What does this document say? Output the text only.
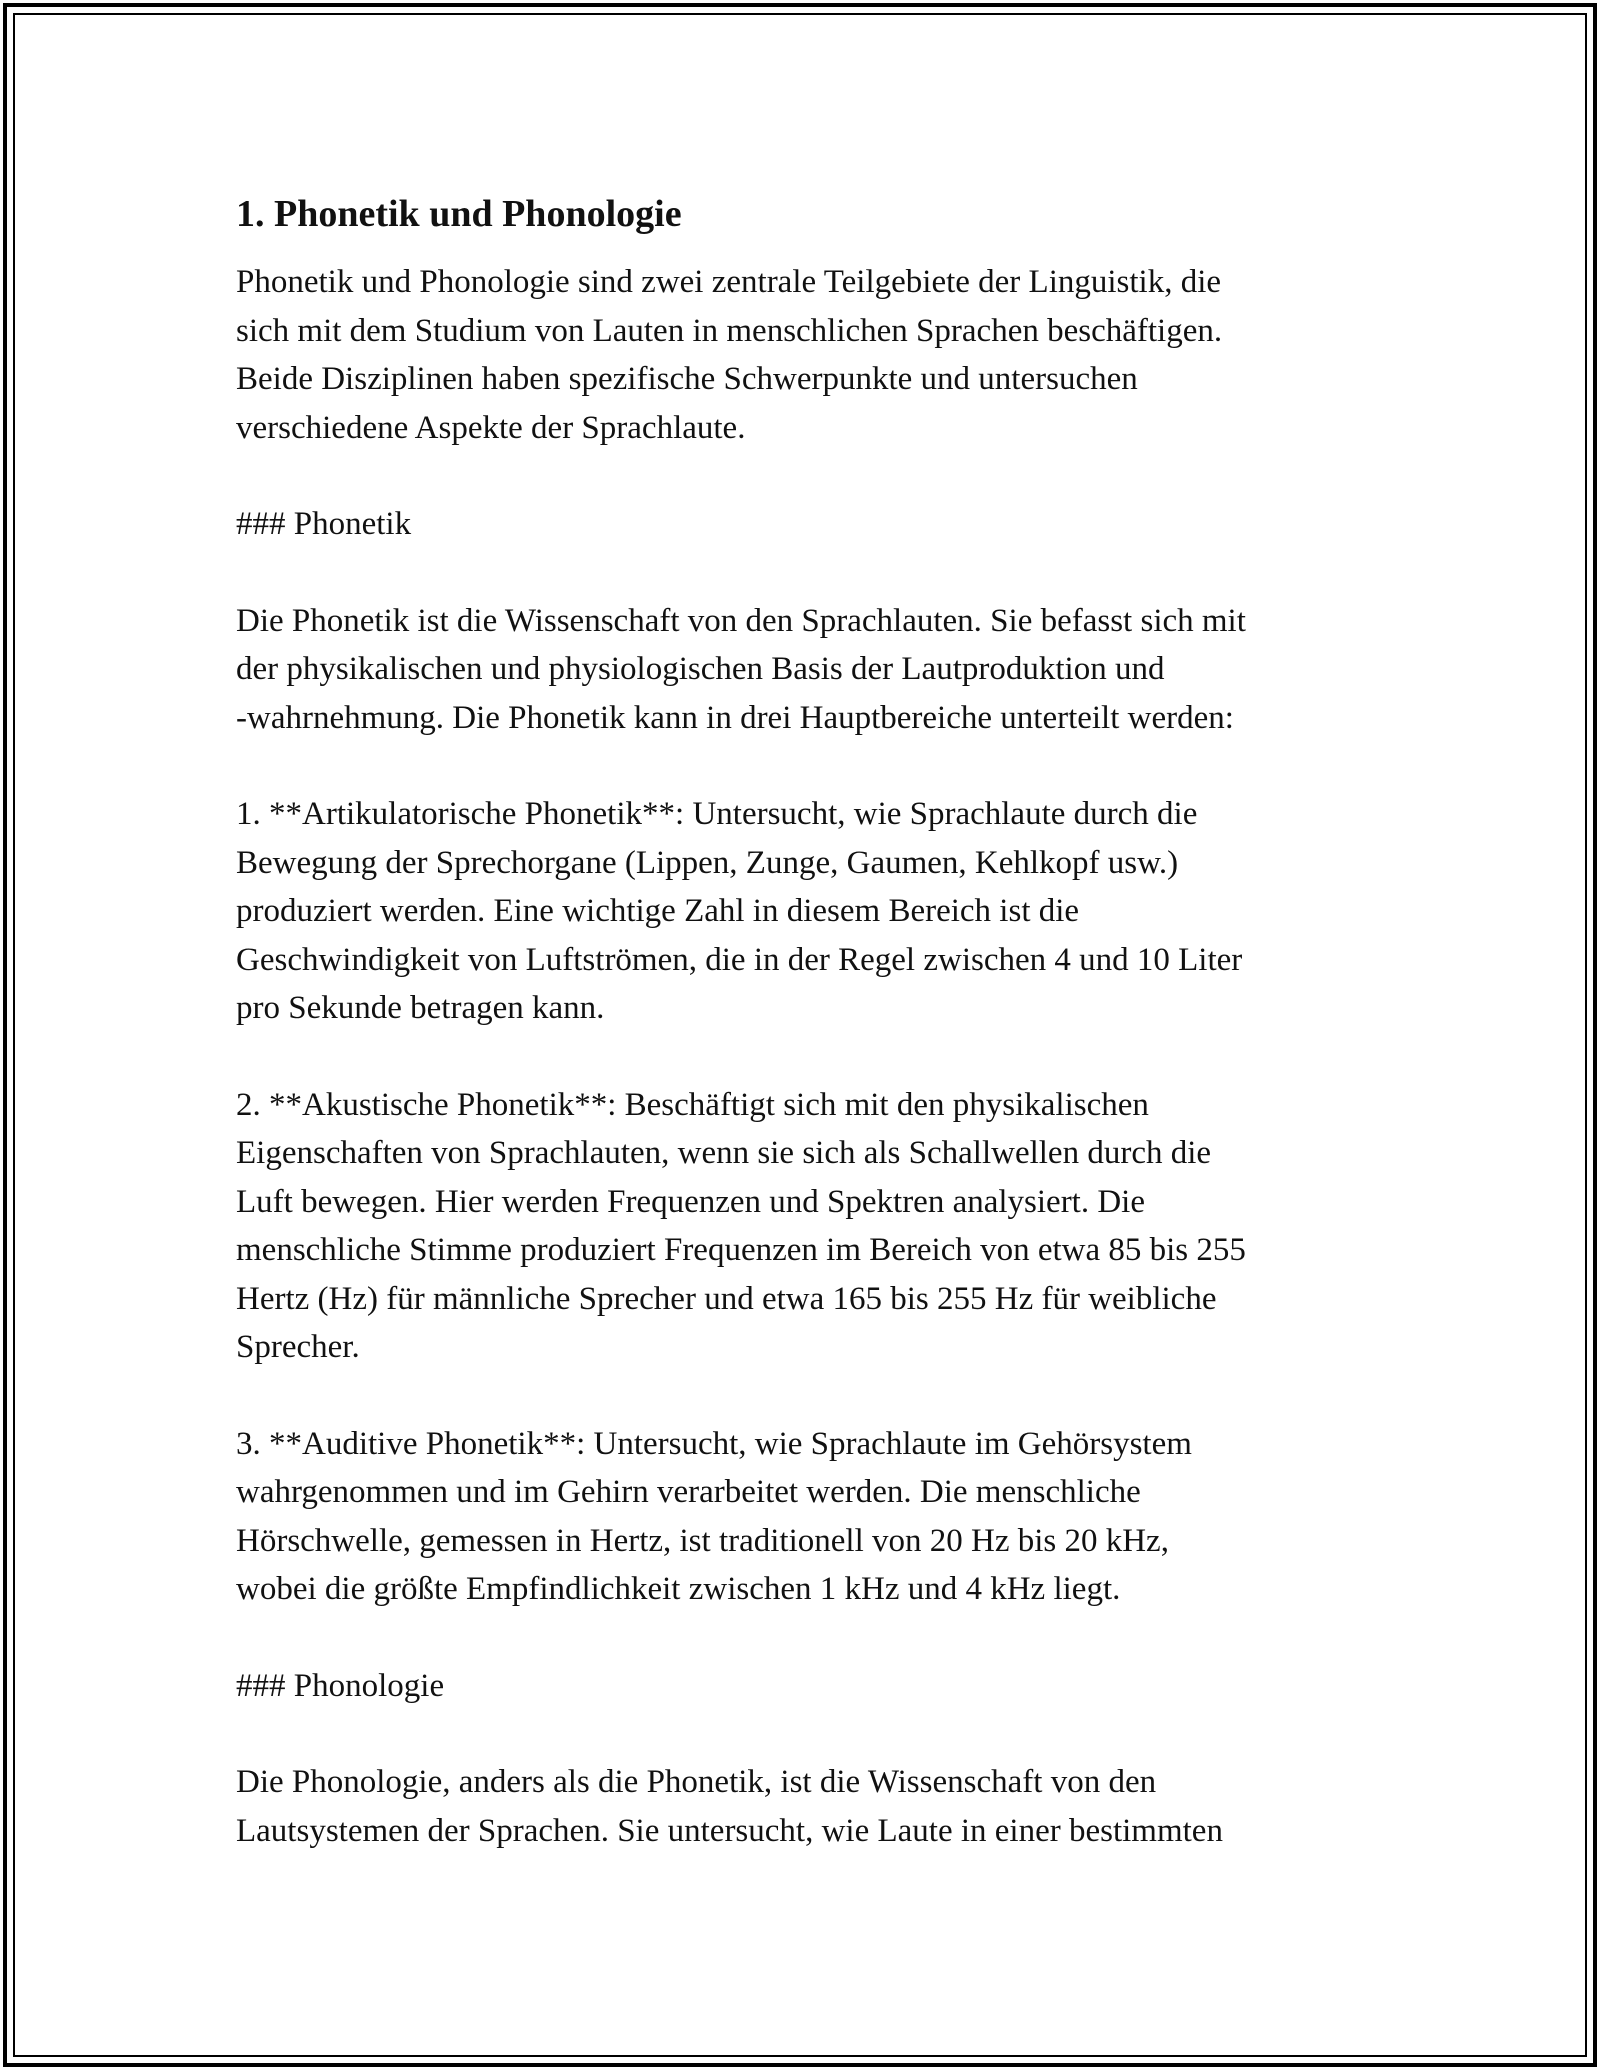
1. Phonetik und Phonologie

Phonetik und Phonologie sind zwei zentrale Teilgebiete der Linguistik, die
sich mit dem Studium von Lauten in menschlichen Sprachen beschäftigen.
Beide Disziplinen haben spezifische Schwerpunkte und untersuchen
verschiedene Aspekte der Sprachlaute.

### Phonetik

Die Phonetik ist die Wissenschaft von den Sprachlauten. Sie befasst sich mit
der physikalischen und physiologischen Basis der Lautproduktion und
-wahrnehmung. Die Phonetik kann in drei Hauptbereiche unterteilt werden:

1. **Artikulatorische Phonetik**: Untersucht, wie Sprachlaute durch die
Bewegung der Sprechorgane (Lippen, Zunge, Gaumen, Kehlkopf usw.)
produziert werden. Eine wichtige Zahl in diesem Bereich ist die
Geschwindigkeit von Luftströmen, die in der Regel zwischen 4 und 10 Liter
pro Sekunde betragen kann.

2. **Akustische Phonetik**: Beschäftigt sich mit den physikalischen
Eigenschaften von Sprachlauten, wenn sie sich als Schallwellen durch die
Luft bewegen. Hier werden Frequenzen und Spektren analysiert. Die
menschliche Stimme produziert Frequenzen im Bereich von etwa 85 bis 255
Hertz (Hz) für männliche Sprecher und etwa 165 bis 255 Hz für weibliche
Sprecher.

3. **Auditive Phonetik**: Untersucht, wie Sprachlaute im Gehörsystem
wahrgenommen und im Gehirn verarbeitet werden. Die menschliche
Hörschwelle, gemessen in Hertz, ist traditionell von 20 Hz bis 20 kHz,
wobei die größte Empfindlichkeit zwischen 1 kHz und 4 kHz liegt.

### Phonologie

Die Phonologie, anders als die Phonetik, ist die Wissenschaft von den
Lautsystemen der Sprachen. Sie untersucht, wie Laute in einer bestimmten
